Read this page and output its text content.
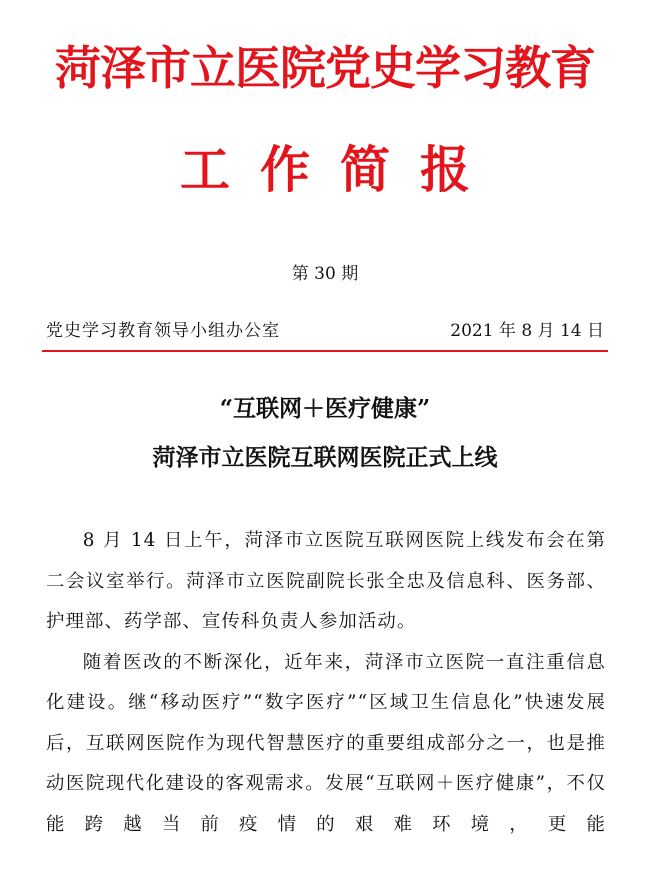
菏泽市立医院党史学习教育
工作简报
第 30 期
党史学习教育领导小组办公室	2021 年 8 月 14 日
“互联网＋医疗健康”
菏泽市立医院互联网医院正式上线

8 月 14 日上午，菏泽市立医院互联网医院上线发布会在第二会议室举行。菏泽市立医院副院长张全忠及信息科、医务部、护理部、药学部、宣传科负责人参加活动。

随着医改的不断深化，近年来，菏泽市立医院一直注重信息化建设。继“移动医疗”“数字医疗”“区域卫生信息化”快速发展后，互联网医院作为现代智慧医疗的重要组成部分之一，也是推动医院现代化建设的客观需求。发展“互联网＋医疗健康”，不仅能跨越当前疫情的艰难环境，更能
